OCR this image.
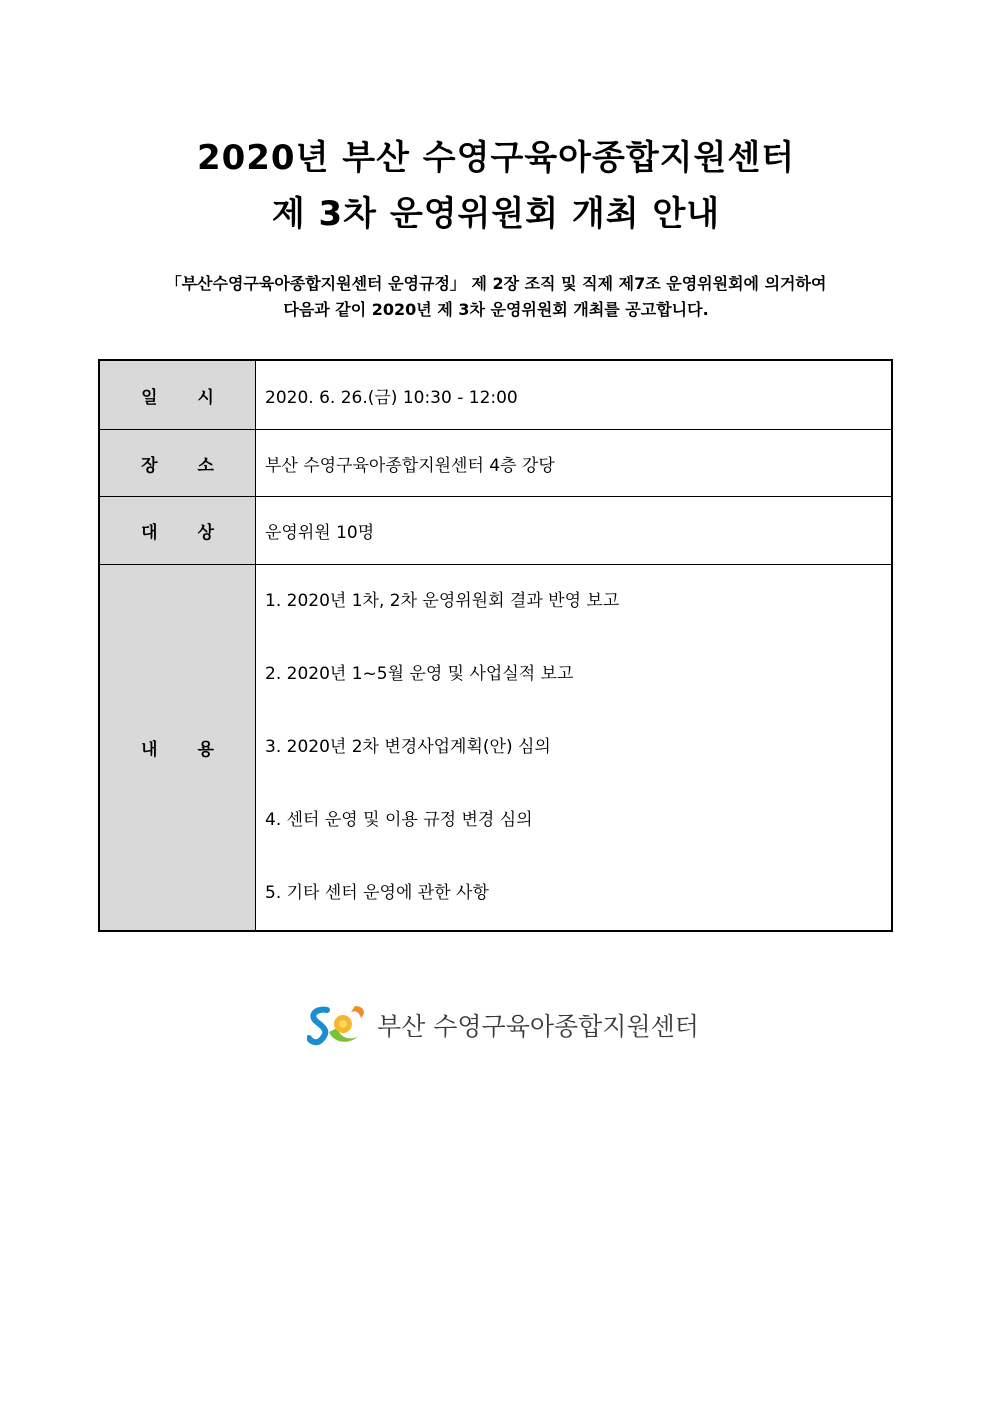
2020년 부산 수영구육아종합지원센터
제 3차 운영위원회 개최 안내
「부산수영구육아종합지원센터 운영규정」 제 2장 조직 및 직제 제7조 운영위원회에 의거하여
다음과 같이 2020년 제 3차 운영위원회 개최를 공고합니다.
일시	2020. 6. 26.(금) 10:30 - 12:00
장소	부산 수영구육아종합지원센터 4층 강당
대상	운영위원 10명
내용	1. 2020년 1차, 2차 운영위원회 결과 반영 보고
2. 2020년 1~5월 운영 및 사업실적 보고
3. 2020년 2차 변경사업계획(안) 심의
4. 센터 운영 및 이용 규정 변경 심의
5. 기타 센터 운영에 관한 사항
부산 수영구육아종합지원센터
